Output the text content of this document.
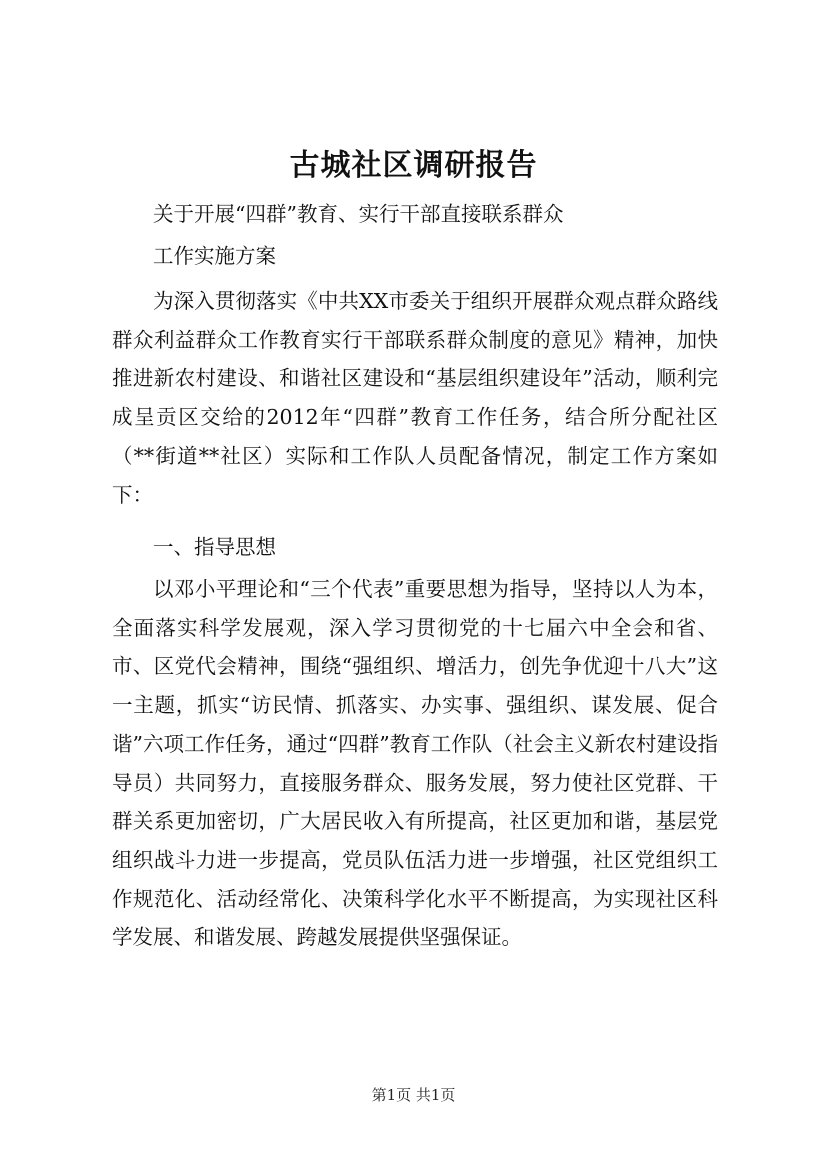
古城社区调研报告
关于开展“四群”教育、实行干部直接联系群众
工作实施方案

为深入贯彻落实《中共XX市委关于组织开展群众观点群众路线群众利益群众工作教育实行干部联系群众制度的意见》精神，加快推进新农村建设、和谐社区建设和“基层组织建设年”活动，顺利完成呈贡区交给的2012年“四群”教育工作任务，结合所分配社区（**街道**社区）实际和工作队人员配备情况，制定工作方案如下：

一、指导思想

以邓小平理论和“三个代表”重要思想为指导，坚持以人为本，全面落实科学发展观，深入学习贯彻党的十七届六中全会和省、市、区党代会精神，围绕“强组织、增活力，创先争优迎十八大”这一主题，抓实“访民情、抓落实、办实事、强组织、谋发展、促合谐”六项工作任务，通过“四群”教育工作队（社会主义新农村建设指导员）共同努力，直接服务群众、服务发展，努力使社区党群、干群关系更加密切，广大居民收入有所提高，社区更加和谐，基层党组织战斗力进一步提高，党员队伍活力进一步增强，社区党组织工作规范化、活动经常化、决策科学化水平不断提高，为实现社区科学发展、和谐发展、跨越发展提供坚强保证。

第1页 共1页
